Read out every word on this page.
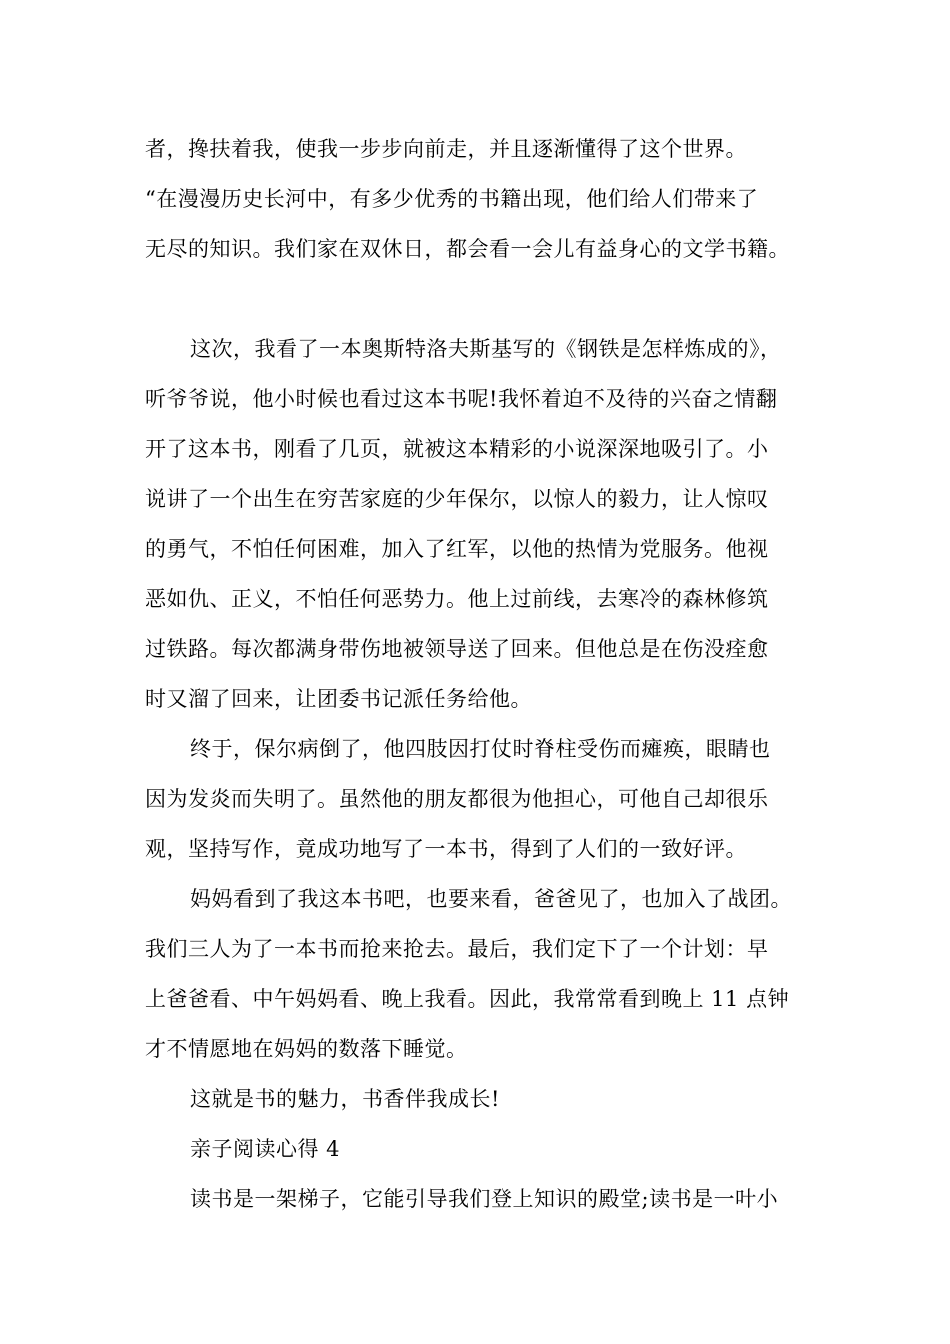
者，搀扶着我，使我一步步向前走，并且逐渐懂得了这个世界。
“在漫漫历史长河中，有多少优秀的书籍出现，他们给人们带来了
无尽的知识。我们家在双休日，都会看一会儿有益身心的文学书籍。
这次，我看了一本奥斯特洛夫斯基写的《钢铁是怎样炼成的》，
听爷爷说，他小时候也看过这本书呢!我怀着迫不及待的兴奋之情翻
开了这本书，刚看了几页，就被这本精彩的小说深深地吸引了。小
说讲了一个出生在穷苦家庭的少年保尔，以惊人的毅力，让人惊叹
的勇气，不怕任何困难，加入了红军，以他的热情为党服务。他视
恶如仇、正义，不怕任何恶势力。他上过前线，去寒冷的森林修筑
过铁路。每次都满身带伤地被领导送了回来。但他总是在伤没痊愈
时又溜了回来，让团委书记派任务给他。
终于，保尔病倒了，他四肢因打仗时脊柱受伤而瘫痪，眼睛也
因为发炎而失明了。虽然他的朋友都很为他担心，可他自己却很乐
观，坚持写作，竟成功地写了一本书，得到了人们的一致好评。
妈妈看到了我这本书吧，也要来看，爸爸见了，也加入了战团。
我们三人为了一本书而抢来抢去。最后，我们定下了一个计划：早
上爸爸看、中午妈妈看、晚上我看。因此，我常常看到晚上 11 点钟
才不情愿地在妈妈的数落下睡觉。
这就是书的魅力，书香伴我成长!
亲子阅读心得 4
读书是一架梯子，它能引导我们登上知识的殿堂;读书是一叶小
